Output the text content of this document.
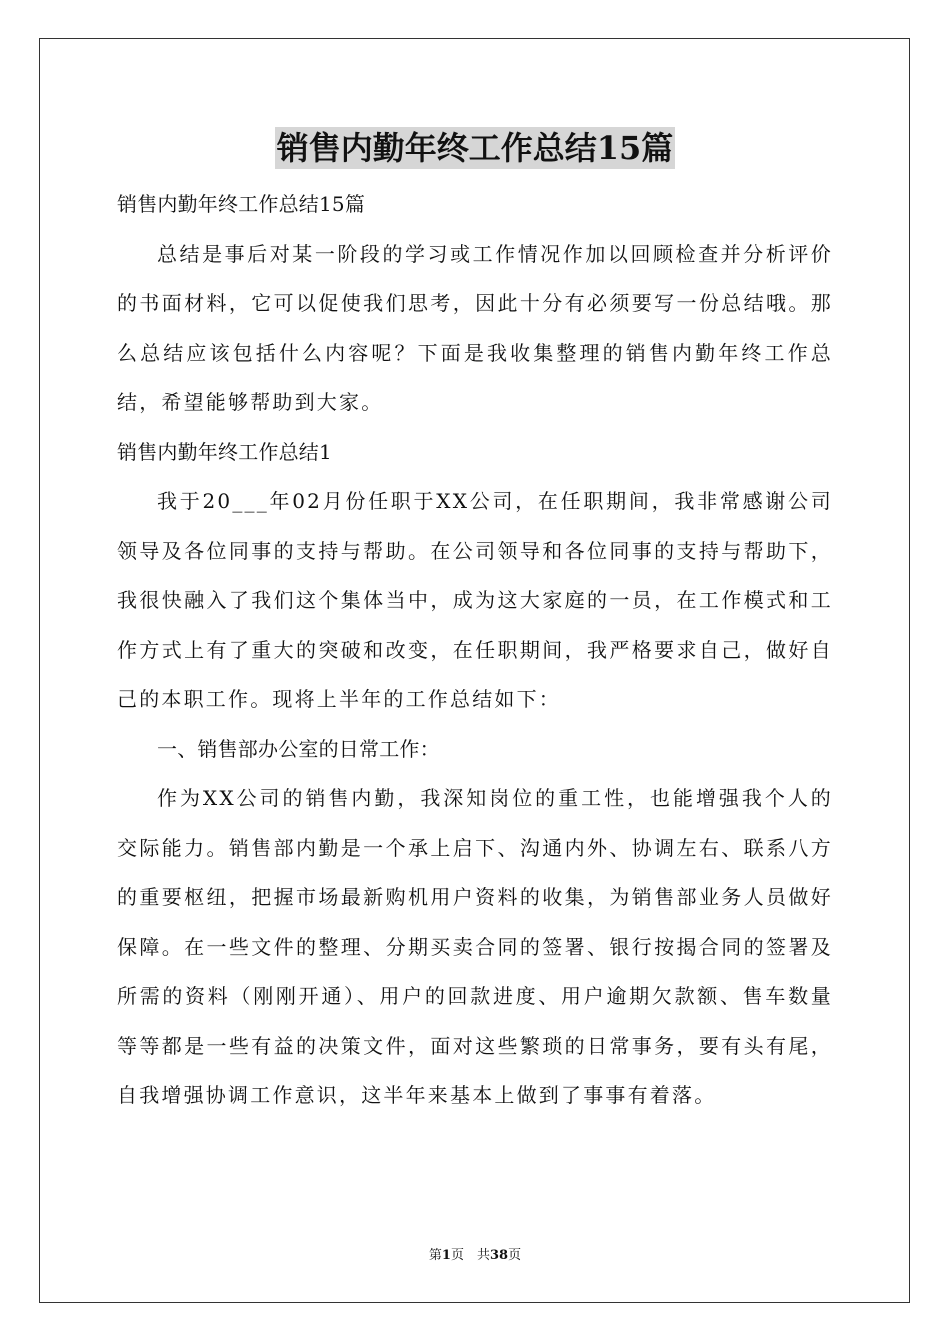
销售内勤年终工作总结15篇

销售内勤年终工作总结15篇

总结是事后对某一阶段的学习或工作情况作加以回顾检查并分析评价的书面材料，它可以促使我们思考，因此十分有必须要写一份总结哦。那么总结应该包括什么内容呢？下面是我收集整理的销售内勤年终工作总结，希望能够帮助到大家。

销售内勤年终工作总结1

我于20___年02月份任职于XX公司，在任职期间，我非常感谢公司领导及各位同事的支持与帮助。在公司领导和各位同事的支持与帮助下，我很快融入了我们这个集体当中，成为这大家庭的一员，在工作模式和工作方式上有了重大的突破和改变，在任职期间，我严格要求自己，做好自己的本职工作。现将上半年的工作总结如下：

一、销售部办公室的日常工作：

作为XX公司的销售内勤，我深知岗位的重工性，也能增强我个人的交际能力。销售部内勤是一个承上启下、沟通内外、协调左右、联系八方的重要枢纽，把握市场最新购机用户资料的收集，为销售部业务人员做好保障。在一些文件的整理、分期买卖合同的签署、银行按揭合同的签署及所需的资料（刚刚开通）、用户的回款进度、用户逾期欠款额、售车数量等等都是一些有益的决策文件，面对这些繁琐的日常事务，要有头有尾，自我增强协调工作意识，这半年来基本上做到了事事有着落。

第1页　共38页
